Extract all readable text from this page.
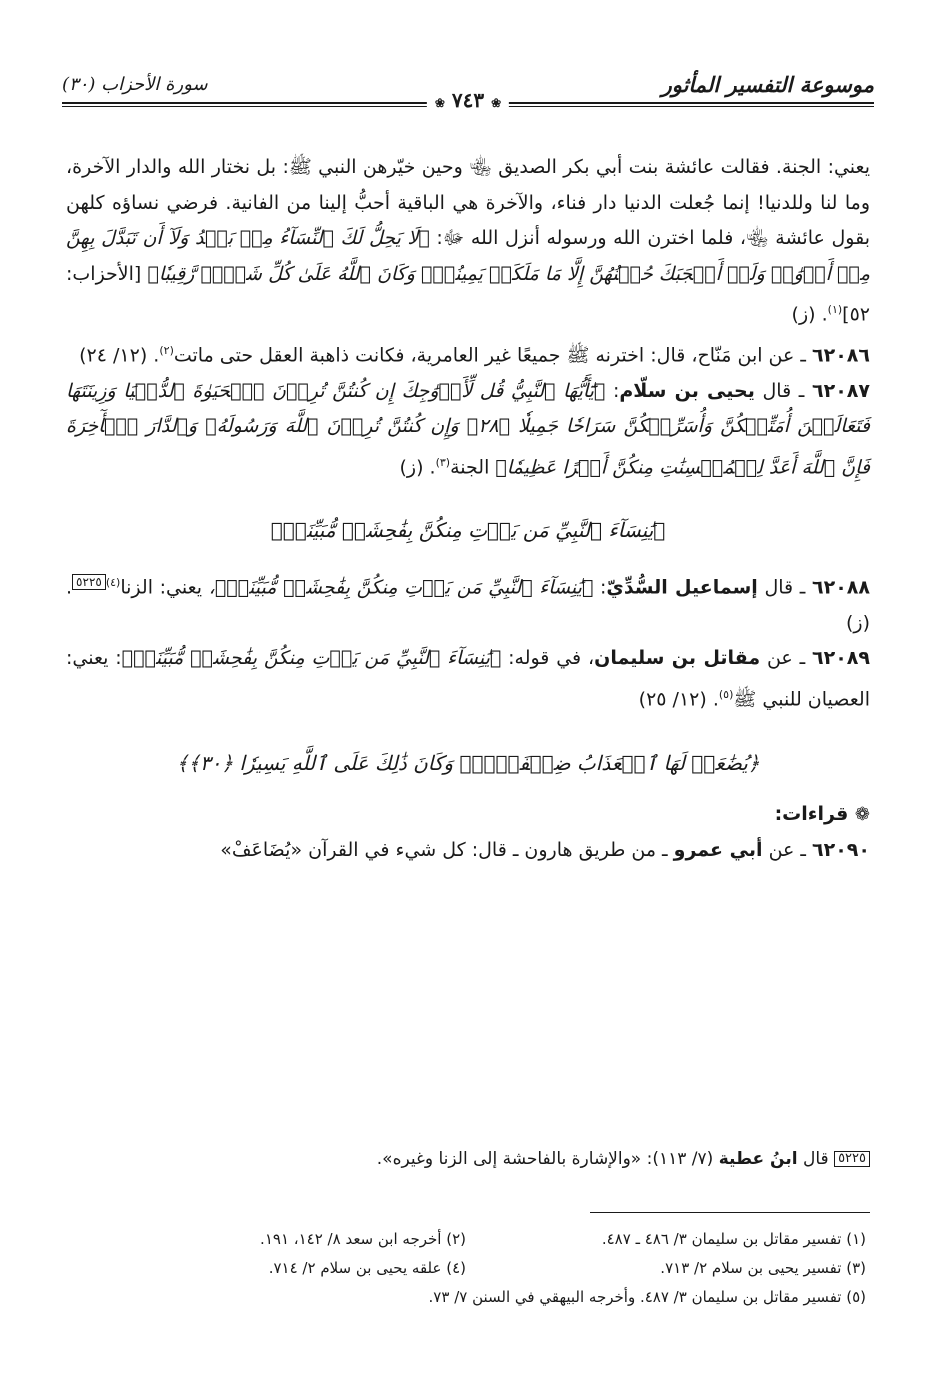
موسوعة التفسير المأثور
❀ ٧٤٣ ❀
سورة الأحزاب (٣٠)

يعني: الجنة. فقالت عائشة بنت أبي بكر الصديق ﵄ وحين خيّرهن النبي ﷺ: بل نختار الله والدار الآخرة، وما لنا وللدنيا! إنما جُعلت الدنيا دار فناء، والآخرة هي الباقية أحبُّ إلينا من الفانية. فرضي نساؤه كلهن بقول عائشة ﵄، فلما اخترن الله ورسوله أنزل الله ﷻ: ﴿لَا يَحِلُّ لَكَ ٱلنِّسَآءُ مِنۢ بَعۡدُ وَلَآ أَن تَبَدَّلَ بِهِنَّ مِنۡ أَزۡوَٰجٖ وَلَوۡ أَعۡجَبَكَ حُسۡنُهُنَّ إِلَّا مَا مَلَكَتۡ يَمِينُكَۗ وَكَانَ ٱللَّهُ عَلَىٰ كُلِّ شَيۡءٖ رَّقِيبٗا﴾ [الأحزاب: ٥٢]$^{(١)}$. (ز)

٦٢٠٨٦ ـ عن ابن مَنّاح، قال: اخترنه ﷺ جميعًا غير العامرية، فكانت ذاهبة العقل حتى ماتت$^{(٢)}$. (١٢/ ٢٤)

٦٢٠٨٧ ـ قال يحيى بن سلّام: ﴿يَٰٓأَيُّهَا ٱلنَّبِيُّ قُل لِّأَزۡوَٰجِكَ إِن كُنتُنَّ تُرِدۡنَ ٱلۡحَيَوٰةَ ٱلدُّنۡيَا وَزِينَتَهَا فَتَعَالَيۡنَ أُمَتِّعۡكُنَّ وَأُسَرِّحۡكُنَّ سَرَاحٗا جَمِيلٗا ﴿٢٨﴾ وَإِن كُنتُنَّ تُرِدۡنَ ٱللَّهَ وَرَسُولَهُۥ وَٱلدَّارَ ٱلۡأٓخِرَةَ فَإِنَّ ٱللَّهَ أَعَدَّ لِلۡمُحۡسِنَٰتِ مِنكُنَّ أَجۡرًا عَظِيمٗا﴾ الجنة$^{(٣)}$. (ز)

﴿يَٰنِسَآءَ ٱلنَّبِيِّ مَن يَأۡتِ مِنكُنَّ بِفَٰحِشَةٖ مُّبَيِّنَةٖ﴾

٦٢٠٨٨ ـ قال إسماعيل السُّدِّيّ: ﴿يَٰنِسَآءَ ٱلنَّبِيِّ مَن يَأۡتِ مِنكُنَّ بِفَٰحِشَةٖ مُّبَيِّنَةٖ﴾، يعني: الزنا$^{(٤)}$٥٢٢٥. (ز)

٦٢٠٨٩ ـ عن مقاتل بن سليمان، في قوله: ﴿يَٰنِسَآءَ ٱلنَّبِيِّ مَن يَأۡتِ مِنكُنَّ بِفَٰحِشَةٖ مُّبَيِّنَةٖ﴾: يعني: العصيان للنبي ﷺ$^{(٥)}$. (١٢/ ٢٥)

﴿يُضَٰعَفۡ لَهَا ٱلۡعَذَابُ ضِعۡفَيۡنِۚ وَكَانَ ذَٰلِكَ عَلَى ٱللَّهِ يَسِيرٗا ﴿٣٠﴾﴾

❁ قراءات:

٦٢٠٩٠ ـ عن أبي عمرو ـ من طريق هارون ـ قال: كل شيء في القرآن «يُضَاعَفْ»

٥٢٢٥ قال ابنُ عطية (٧/ ١١٣): «والإشارة بالفاحشة إلى الزنا وغيره».
(١) تفسير مقاتل بن سليمان ٣/ ٤٨٦ ـ ٤٨٧.
(٢) أخرجه ابن سعد ٨/ ١٤٢، ١٩١.
(٣) تفسير يحيى بن سلام ٢/ ٧١٣.
(٤) علقه يحيى بن سلام ٢/ ٧١٤.
(٥) تفسير مقاتل بن سليمان ٣/ ٤٨٧. وأخرجه البيهقي في السنن ٧/ ٧٣.
